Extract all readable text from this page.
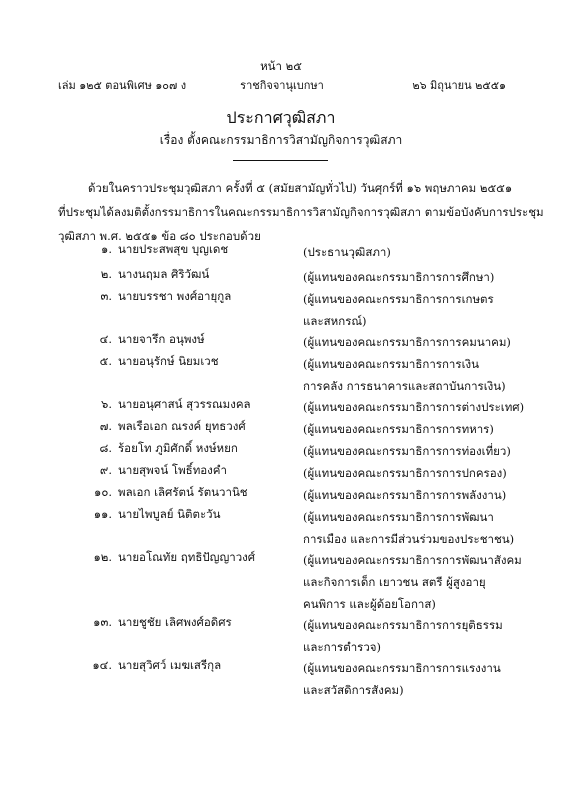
หน้า ๒๕
เล่ม ๑๒๕ ตอนพิเศษ ๑๐๗ ง	ราชกิจจานุเบกษา	๒๖ มิถุนายน ๒๕๕๑
ประกาศวุฒิสภา
เรื่อง ตั้งคณะกรรมาธิการวิสามัญกิจการวุฒิสภา
ด้วยในคราวประชุมวุฒิสภา ครั้งที่ ๕ (สมัยสามัญทั่วไป) วันศุกร์ที่ ๑๖ พฤษภาคม ๒๕๕๑
ที่ประชุมได้ลงมติตั้งกรรมาธิการในคณะกรรมาธิการวิสามัญกิจการวุฒิสภา ตามข้อบังคับการประชุม
วุฒิสภา พ.ศ. ๒๕๕๑ ข้อ ๘๐ ประกอบด้วย
๑. นายประสพสุข บุญเดช	(ประธานวุฒิสภา)
๒. นางนฤมล ศิริวัฒน์	(ผู้แทนของคณะกรรมาธิการการศึกษา)
๓. นายบรรชา พงศ์อายุกูล	(ผู้แทนของคณะกรรมาธิการการเกษตร
และสหกรณ์)
๔. นายจารึก อนุพงษ์	(ผู้แทนของคณะกรรมาธิการการคมนาคม)
๕. นายอนุรักษ์ นิยมเวช	(ผู้แทนของคณะกรรมาธิการการเงิน
การคลัง การธนาคารและสถาบันการเงิน)
๖. นายอนุศาสน์ สุวรรณมงคล	(ผู้แทนของคณะกรรมาธิการการต่างประเทศ)
๗. พลเรือเอก ณรงค์ ยุทธวงศ์	(ผู้แทนของคณะกรรมาธิการการทหาร)
๘. ร้อยโท ภูมิศักดิ์ หงษ์หยก	(ผู้แทนของคณะกรรมาธิการการท่องเที่ยว)
๙. นายสุพจน์ โพธิ์ทองคำ	(ผู้แทนของคณะกรรมาธิการการปกครอง)
๑๐. พลเอก เลิศรัตน์ รัตนวานิช	(ผู้แทนของคณะกรรมาธิการการพลังงาน)
๑๑. นายไพบูลย์ นิติตะวัน	(ผู้แทนของคณะกรรมาธิการการพัฒนา
การเมือง และการมีส่วนร่วมของประชาชน)
๑๒. นายอโณทัย ฤทธิปัญญาวงศ์	(ผู้แทนของคณะกรรมาธิการการพัฒนาสังคม
และกิจการเด็ก เยาวชน สตรี ผู้สูงอายุ
คนพิการ และผู้ด้อยโอกาส)
๑๓. นายชูชัย เลิศพงศ์อดิศร	(ผู้แทนของคณะกรรมาธิการการยุติธรรม
และการตำรวจ)
๑๔. นายสุวิศว์ เมฆเสรีกุล	(ผู้แทนของคณะกรรมาธิการการแรงงาน
และสวัสดิการสังคม)
